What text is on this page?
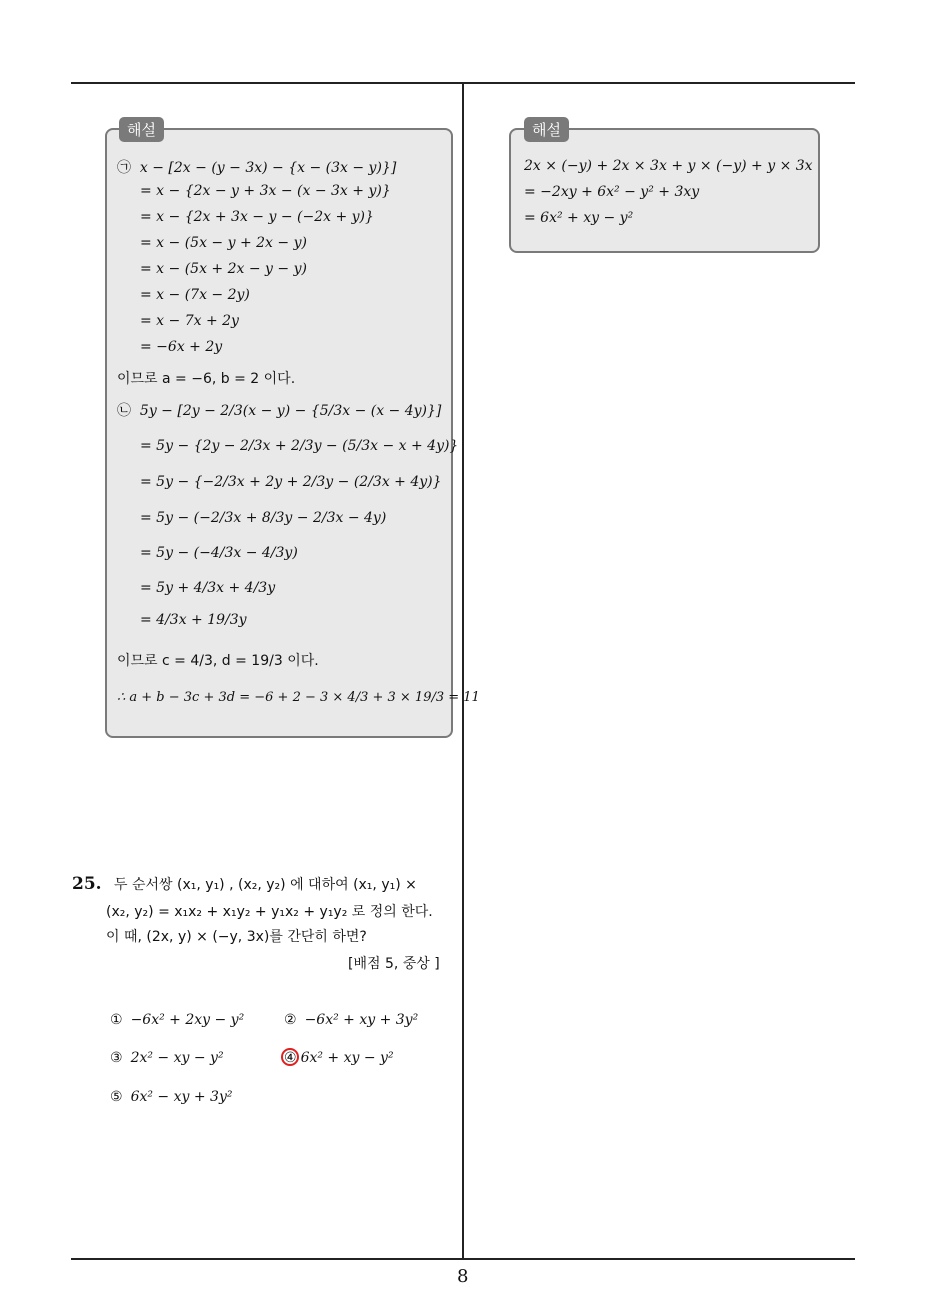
해설
㉠ x − [2x − (y − 3x) − {x − (3x − y)}]
= x − {2x − y + 3x − (x − 3x + y)}
= x − {2x + 3x − y − (−2x + y)}
= x − (5x − y + 2x − y)
= x − (5x + 2x − y − y)
= x − (7x − 2y)
= x − 7x + 2y
= −6x + 2y
이므로 a = −6, b = 2 이다.
㉡ 5y − [2y − 2/3(x − y) − {5/3x − (x − 4y)}]
= 5y − {2y − 2/3x + 2/3y − (5/3x − x + 4y)}
= 5y − {−2/3x + 2y + 2/3y − (2/3x + 4y)}
= 5y − (−2/3x + 8/3y − 2/3x − 4y)
= 5y − (−4/3x − 4/3y)
= 5y + 4/3x + 4/3y
= 4/3x + 19/3y
이므로 c = 4/3, d = 19/3 이다.
∴ a + b − 3c + 3d = −6 + 2 − 3 × 4/3 + 3 × 19/3 = 11
해설
2x × (−y) + 2x × 3x + y × (−y) + y × 3x
= −2xy + 6x² − y² + 3xy
= 6x² + xy − y²
25. 두 순서쌍 (x₁, y₁) , (x₂, y₂) 에 대하여 (x₁, y₁) ×
(x₂, y₂) = x₁x₂ + x₁y₂ + y₁x₂ + y₁y₂ 로 정의 한다.
이 때, (2x, y) × (−y, 3x)를 간단히 하면?
[배점 5, 중상 ]
① −6x² + 2xy − y²	② −6x² + xy + 3y²
③ 2x² − xy − y²	④ 6x² + xy − y²
⑤ 6x² − xy + 3y²
8
